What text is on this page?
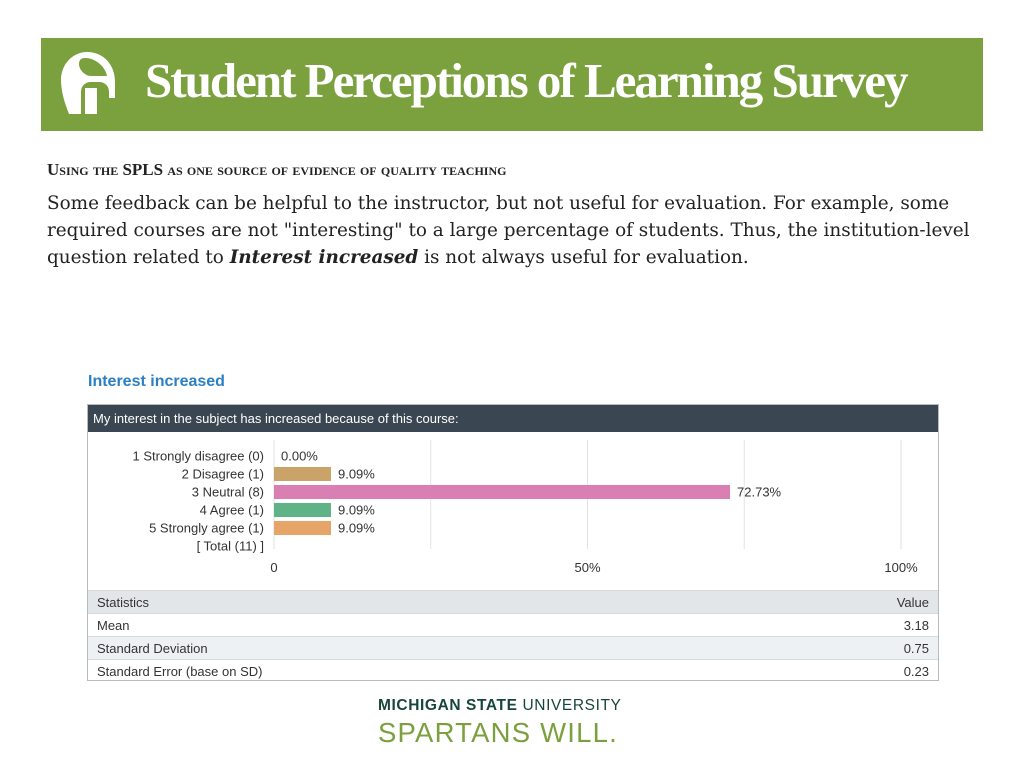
Student Perceptions of Learning Survey
Using the SPLS as one source of evidence of quality teaching
Some feedback can be helpful to the instructor, but not useful for evaluation. For example, some required courses are not "interesting" to a large percentage of students. Thus, the institution-level question related to Interest increased is not always useful for evaluation.
Interest increased
My interest in the subject has increased because of this course:
1 Strongly disagree (0) 0.00%
2 Disagree (1)	9.09%
3 Neutral (8)	72.73%
4 Agree (1)	9.09%
5 Strongly agree (1)	9.09%
[ Total (11) ]
0	50%	100%
Statistics	Value
Mean	3.18
Standard Deviation	0.75
Standard Error (base on SD)	0.23
MICHIGAN STATE UNIVERSITY
SPARTANS WILL.
